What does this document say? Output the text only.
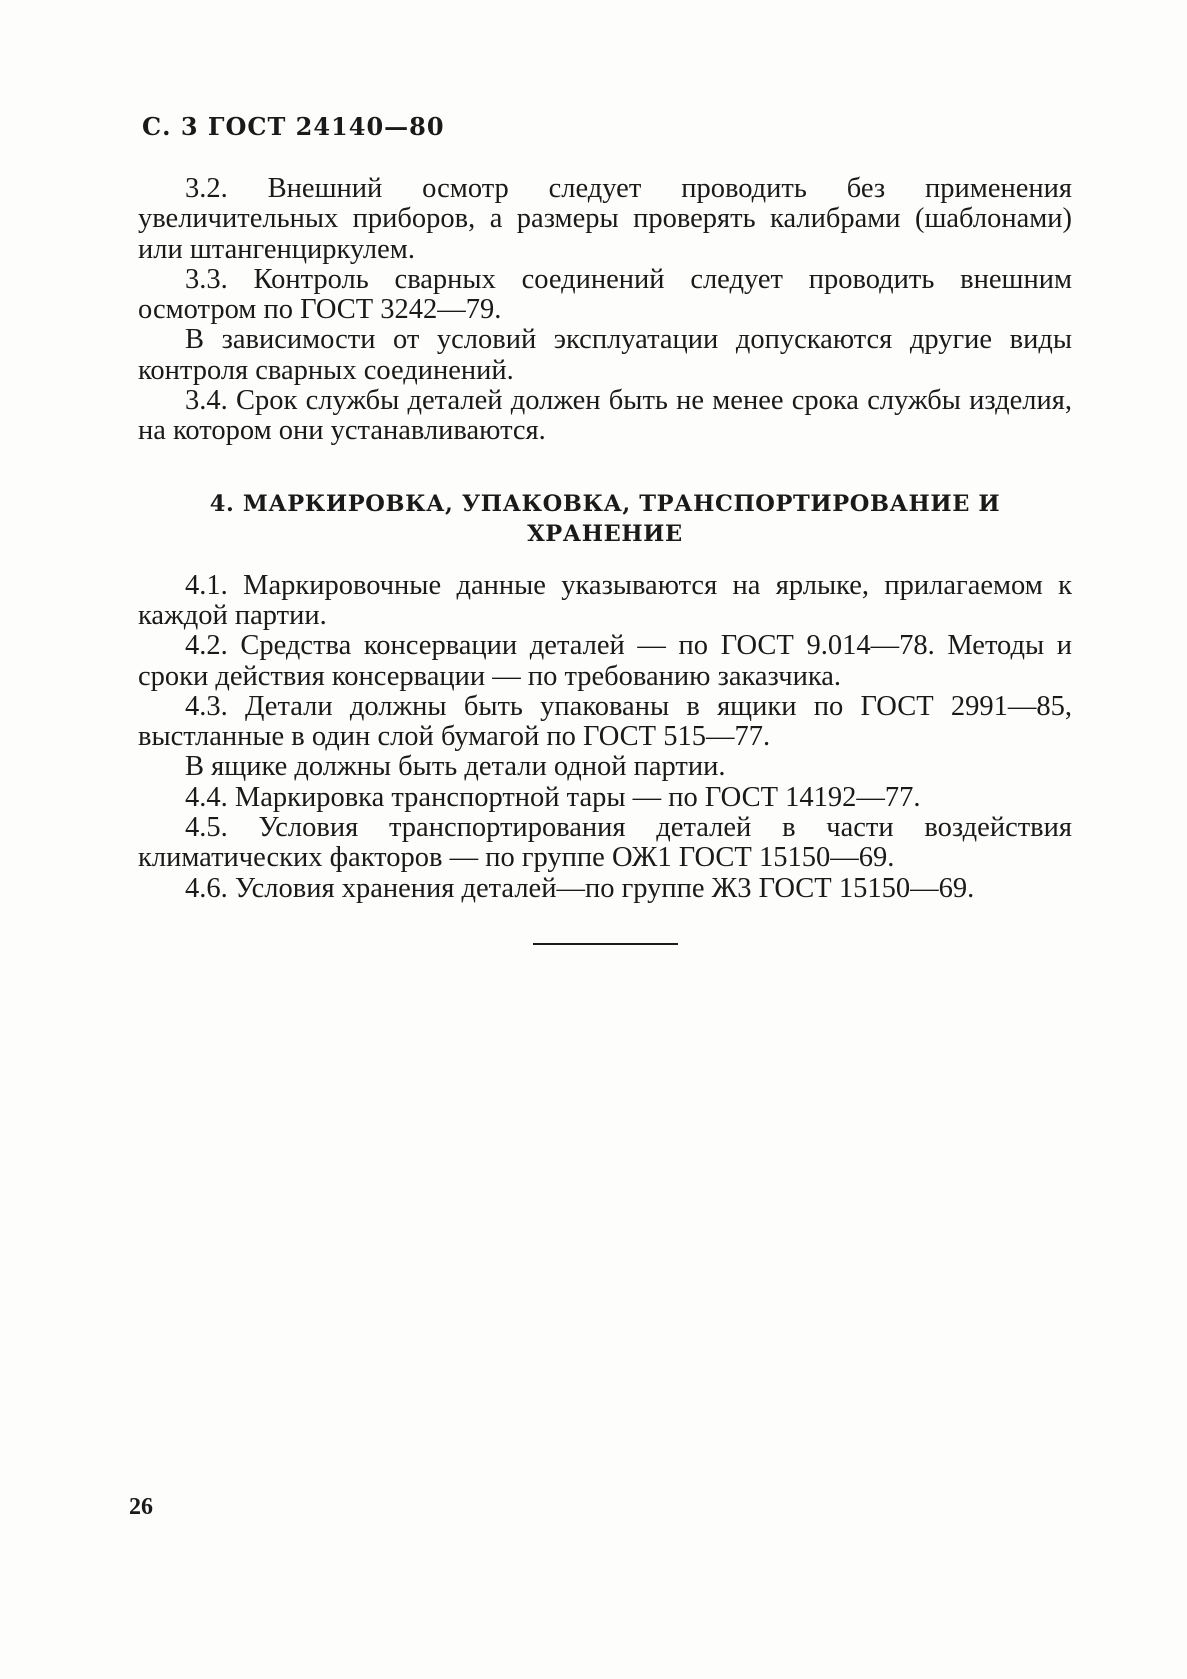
С. 3 ГОСТ 24140—80

3.2. Внешний осмотр следует проводить без применения увеличительных приборов, а размеры проверять калибрами (шаблонами) или штангенциркулем.

3.3. Контроль сварных соединений следует проводить внешним осмотром по ГОСТ 3242—79.

В зависимости от условий эксплуатации допускаются другие виды контроля сварных соединений.

3.4. Срок службы деталей должен быть не менее срока службы изделия, на котором они устанавливаются.

4. МАРКИРОВКА, УПАКОВКА, ТРАНСПОРТИРОВАНИЕ И ХРАНЕНИЕ

4.1. Маркировочные данные указываются на ярлыке, прилагаемом к каждой партии.

4.2. Средства консервации деталей — по ГОСТ 9.014—78. Методы и сроки действия консервации — по требованию заказчика.

4.3. Детали должны быть упакованы в ящики по ГОСТ 2991—85, выстланные в один слой бумагой по ГОСТ 515—77.

В ящике должны быть детали одной партии.

4.4. Маркировка транспортной тары — по ГОСТ 14192—77.

4.5. Условия транспортирования деталей в части воздействия климатических факторов — по группе ОЖ1 ГОСТ 15150—69.

4.6. Условия хранения деталей—по группе Ж3 ГОСТ 15150—69.

26
